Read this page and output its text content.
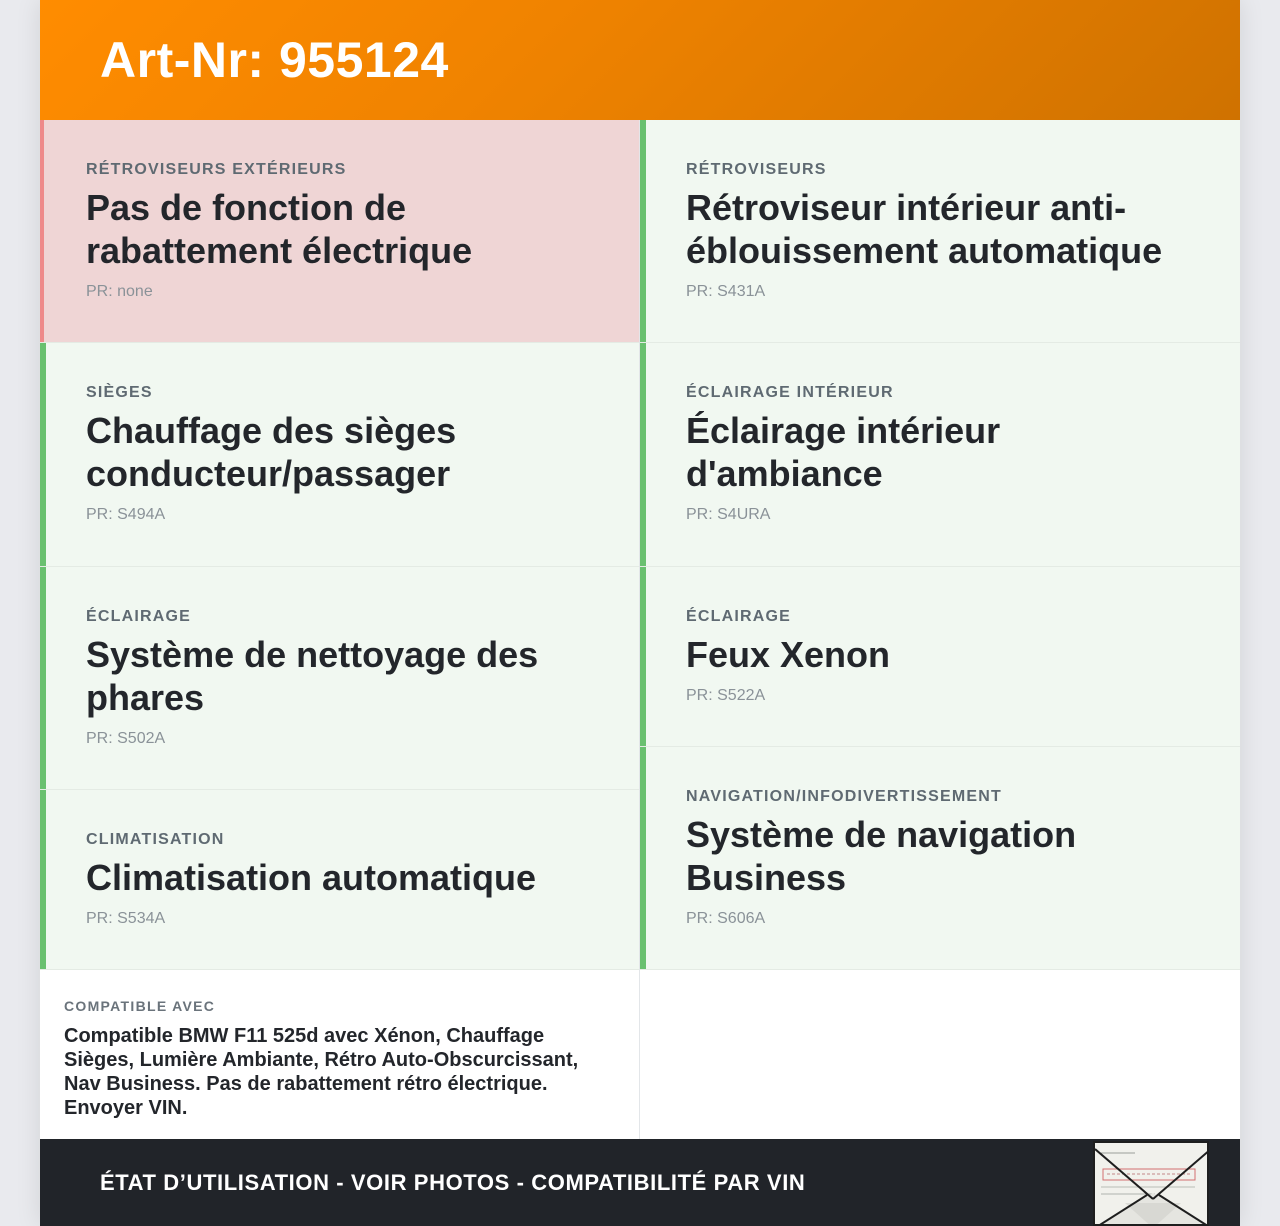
Art-Nr: 955124
RÉTROVISEURS EXTÉRIEURS
Pas de fonction de rabattement électrique
PR: none
SIÈGES
Chauffage des sièges conducteur/passager
PR: S494A
ÉCLAIRAGE
Système de nettoyage des phares
PR: S502A
CLIMATISATION
Climatisation automatique
PR: S534A
RÉTROVISEURS
Rétroviseur intérieur anti-éblouissement automatique
PR: S431A
ÉCLAIRAGE INTÉRIEUR
Éclairage intérieur d'ambiance
PR: S4URA
ÉCLAIRAGE
Feux Xenon
PR: S522A
NAVIGATION/INFODIVERTISSEMENT
Système de navigation Business
PR: S606A
COMPATIBLE AVEC
Compatible BMW F11 525d avec Xénon, Chauffage Sièges, Lumière Ambiante, Rétro Auto-Obscurcissant, Nav Business. Pas de rabattement rétro électrique. Envoyer VIN.
ÉTAT D’UTILISATION - VOIR PHOTOS - COMPATIBILITÉ PAR VIN
